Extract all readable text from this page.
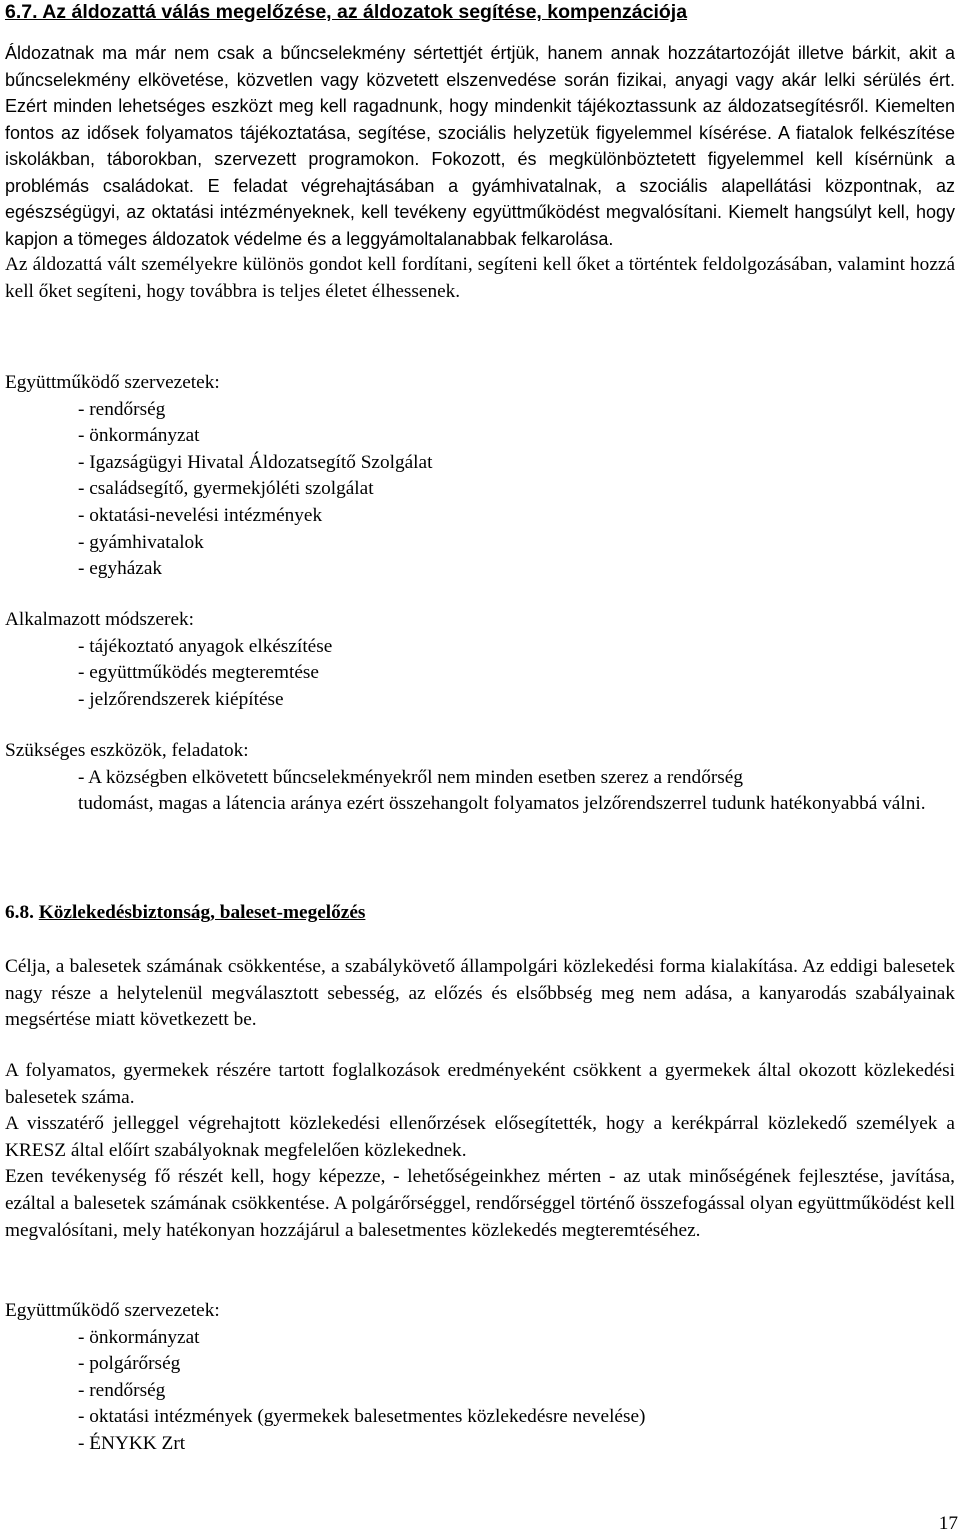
6.7. Az áldozattá válás megelőzése, az áldozatok segítése, kompenzációja

Áldozatnak ma már nem csak a bűncselekmény sértettjét értjük, hanem annak hozzátartozóját illetve bárkit, akit a bűncselekmény elkövetése, közvetlen vagy közvetett elszenvedése során fizikai, anyagi vagy akár lelki sérülés ért. Ezért minden lehetséges eszközt meg kell ragadnunk, hogy mindenkit tájékoztassunk az áldozatsegítésről. Kiemelten fontos az idősek folyamatos tájékoztatása, segítése, szociális helyzetük figyelemmel kísérése. A fiatalok felkészítése iskolákban, táborokban, szervezett programokon. Fokozott, és megkülönböztetett figyelemmel kell kísérnünk a problémás családokat. E feladat végrehajtásában a gyámhivatalnak, a szociális alapellátási központnak, az egészségügyi, az oktatási intézményeknek, kell tevékeny együttműködést megvalósítani. Kiemelt hangsúlyt kell, hogy kapjon a tömeges áldozatok védelme és a leggyámoltalanabbak felkarolása.

Az áldozattá vált személyekre különös gondot kell fordítani, segíteni kell őket a történtek feldolgozásában, valamint hozzá kell őket segíteni, hogy továbbra is teljes életet élhessenek.

Együttműködő szervezetek:

- rendőrség
- önkormányzat
- Igazságügyi Hivatal Áldozatsegítő Szolgálat
- családsegítő, gyermekjóléti szolgálat
- oktatási-nevelési intézmények
- gyámhivatalok
- egyházak

Alkalmazott módszerek:

- tájékoztató anyagok elkészítése
- együttműködés megteremtése
- jelzőrendszerek kiépítése

Szükséges eszközök, feladatok:

- A községben elkövetett bűncselekményekről nem minden esetben szerez a rendőrség

tudomást, magas a látencia aránya ezért összehangolt folyamatos jelzőrendszerrel tudunk hatékonyabbá válni.

6.8. Közlekedésbiztonság, baleset-megelőzés

Célja, a balesetek számának csökkentése, a szabálykövető állampolgári közlekedési forma kialakítása. Az eddigi balesetek nagy része a helytelenül megválasztott sebesség, az előzés és elsőbbség meg nem adása, a kanyarodás szabályainak megsértése miatt következett be.

A folyamatos, gyermekek részére tartott foglalkozások eredményeként csökkent a gyermekek által okozott közlekedési balesetek száma.

A visszatérő jelleggel végrehajtott közlekedési ellenőrzések elősegítették, hogy a kerékpárral közlekedő személyek a KRESZ által előírt szabályoknak megfelelően közlekednek.

Ezen tevékenység fő részét kell, hogy képezze, - lehetőségeinkhez mérten - az utak minőségének fejlesztése, javítása, ezáltal a balesetek számának csökkentése. A polgárőrséggel, rendőrséggel történő összefogással olyan együttműködést kell megvalósítani, mely hatékonyan hozzájárul a balesetmentes közlekedés megteremtéséhez.

Együttműködő szervezetek:

- önkormányzat
- polgárőrség
- rendőrség
- oktatási intézmények (gyermekek balesetmentes közlekedésre nevelése)
- ÉNYKK Zrt
17
